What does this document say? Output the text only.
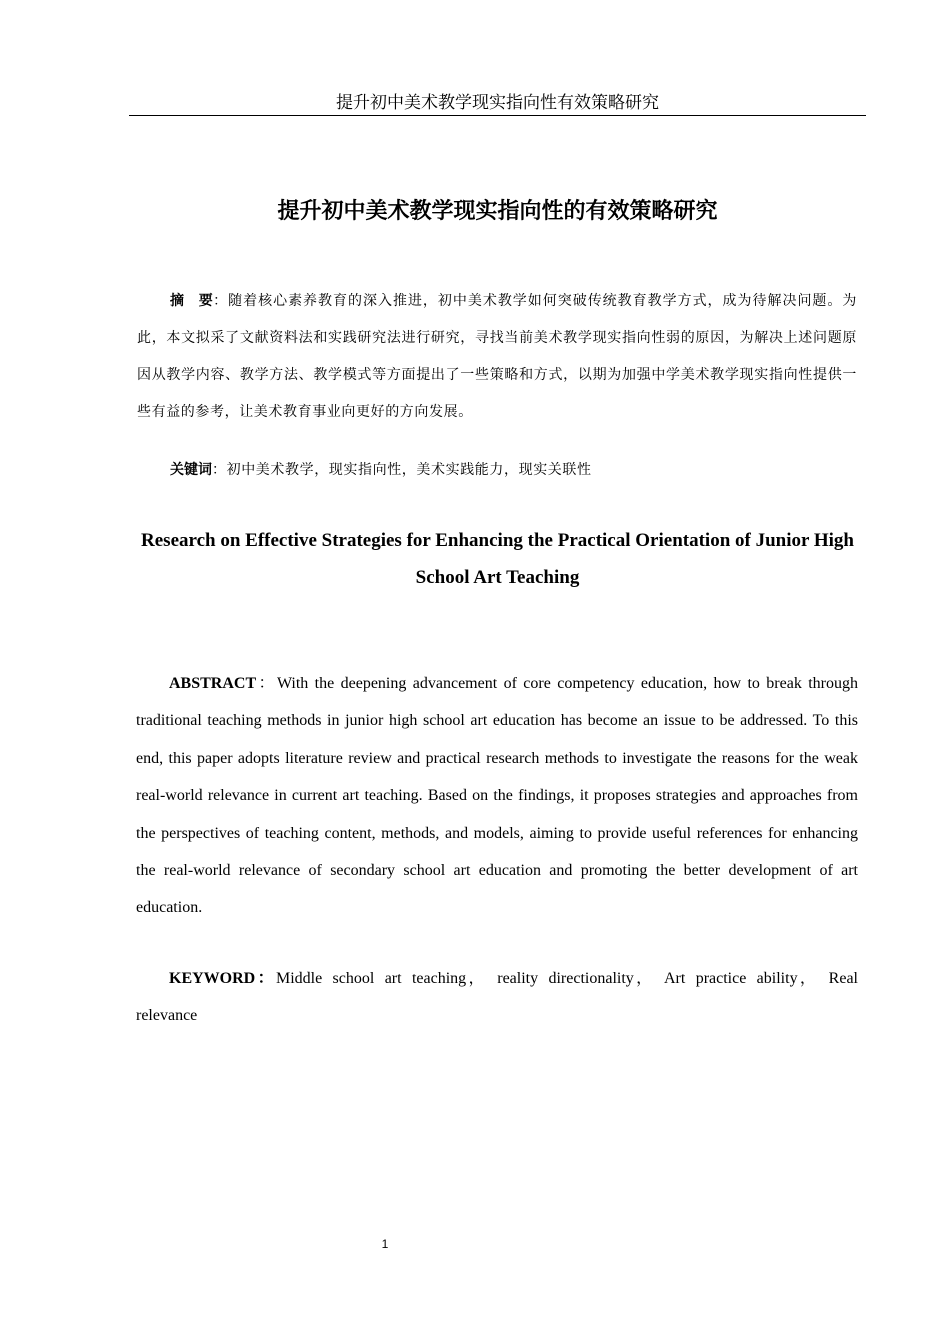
提升初中美术教学现实指向性有效策略研究
提升初中美术教学现实指向性的有效策略研究

摘　要：随着核心素养教育的深入推进，初中美术教学如何突破传统教育教学方式，成为待解决问题。为此，本文拟采了文献资料法和实践研究法进行研究，寻找当前美术教学现实指向性弱的原因，为解决上述问题原因从教学内容、教学方法、教学模式等方面提出了一些策略和方式，以期为加强中学美术教学现实指向性提供一些有益的参考，让美术教育事业向更好的方向发展。

关键词：初中美术教学，现实指向性，美术实践能力，现实关联性

Research on Effective Strategies for Enhancing the Practical Orientation of Junior High School Art Teaching

ABSTRACT：With the deepening advancement of core competency education, how to break through traditional teaching methods in junior high school art education has become an issue to be addressed. To this end, this paper adopts literature review and practical research methods to investigate the reasons for the weak real-world relevance in current art teaching. Based on the findings, it proposes strategies and approaches from the perspectives of teaching content, methods, and models, aiming to provide useful references for enhancing the real-world relevance of secondary school art education and promoting the better development of art education.

KEYWORD：Middle school art teaching， reality directionality， Art practice ability， Real relevance

1
